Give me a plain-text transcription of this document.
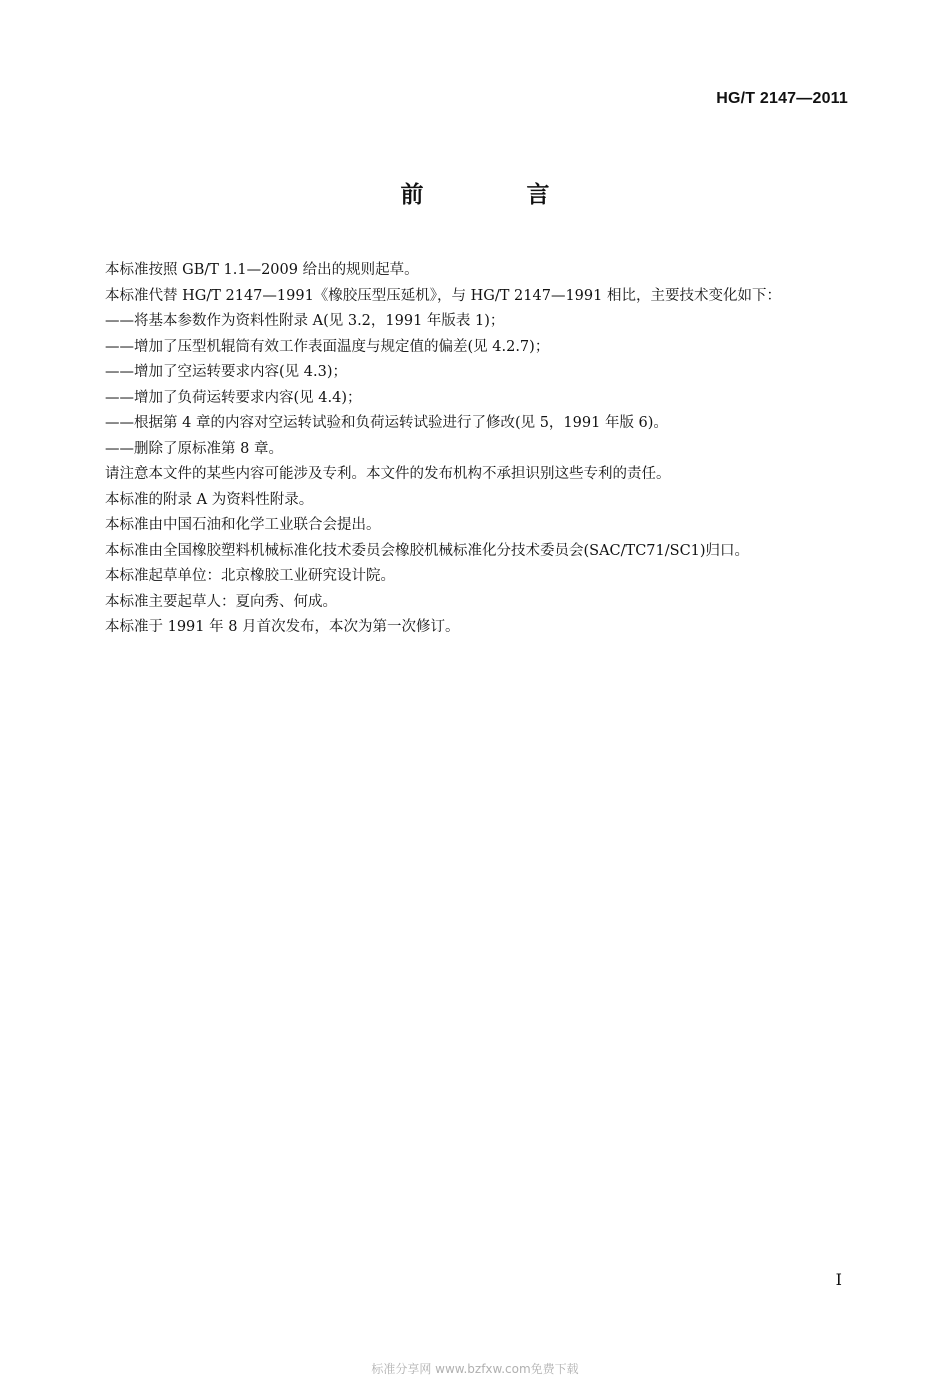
HG/T 2147—2011
前　言

本标准按照 GB/T 1.1—2009 给出的规则起草。

本标准代替 HG/T 2147—1991《橡胶压型压延机》，与 HG/T 2147—1991 相比，主要技术变化如下：

——将基本参数作为资料性附录 A(见 3.2，1991 年版表 1)；

——增加了压型机辊筒有效工作表面温度与规定值的偏差(见 4.2.7)；

——增加了空运转要求内容(见 4.3)；

——增加了负荷运转要求内容(见 4.4)；

——根据第 4 章的内容对空运转试验和负荷运转试验进行了修改(见 5，1991 年版 6)。

——删除了原标准第 8 章。

请注意本文件的某些内容可能涉及专利。本文件的发布机构不承担识别这些专利的责任。

本标准的附录 A 为资料性附录。

本标准由中国石油和化学工业联合会提出。

本标准由全国橡胶塑料机械标准化技术委员会橡胶机械标准化分技术委员会(SAC/TC71/SC1)归口。

本标准起草单位：北京橡胶工业研究设计院。

本标准主要起草人：夏向秀、何成。

本标准于 1991 年 8 月首次发布，本次为第一次修订。

I
标准分享网 www.bzfxw.com免费下载
